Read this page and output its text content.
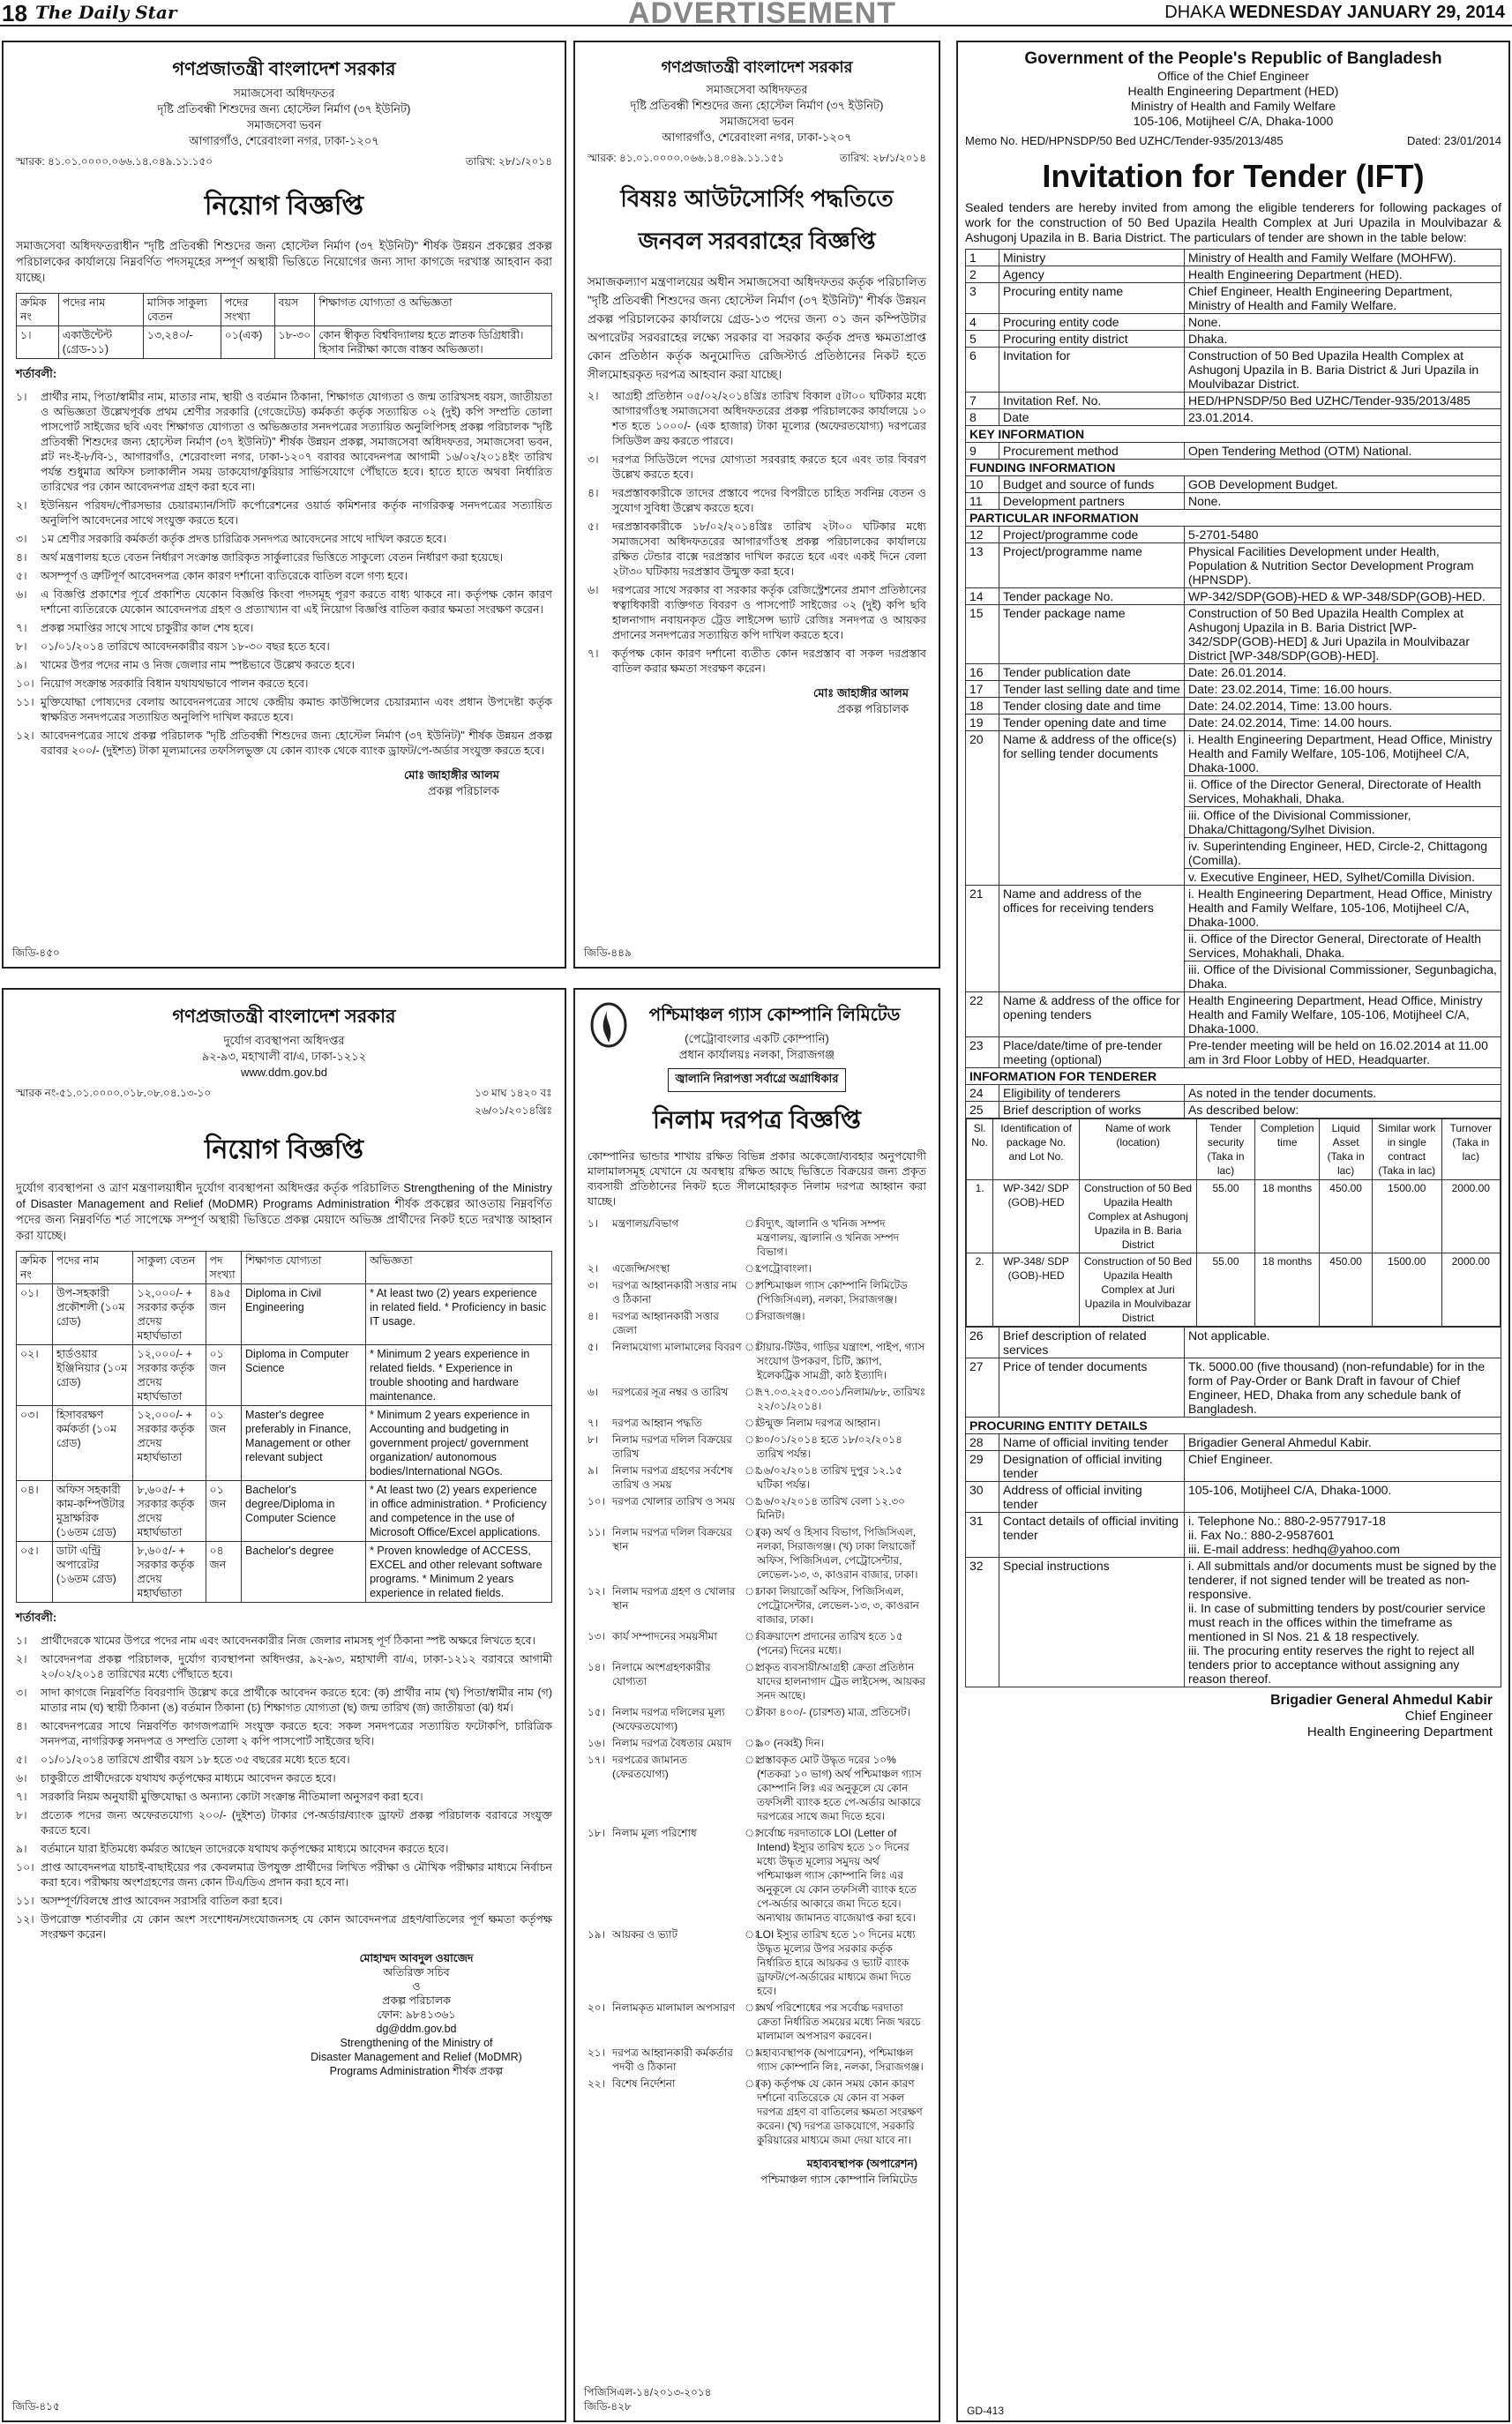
18 The Daily Star	ADVERTISEMENT	DHAKA WEDNESDAY JANUARY 29, 2014
গণপ্রজাতন্ত্রী বাংলাদেশ সরকার
সমাজসেবা অধিদফতর
দৃষ্টি প্রতিবন্ধী শিশুদের জন্য হোস্টেল নির্মাণ (৩৭ ইউনিট)
সমাজসেবা ভবন
আগারগাঁও, শেরেবাংলা নগর, ঢাকা-১২০৭
স্মারক: ৪১.০১.০০০০.০৬৬.১৪.০৪৯.১১.১৫০	তারিখ: ২৮/১/২০১৪
নিয়োগ বিজ্ঞপ্তি
সমাজসেবা অধিদফতরাধীন "দৃষ্টি প্রতিবন্ধী শিশুদের জন্য হোস্টেল নির্মাণ (৩৭ ইউনিট)" শীর্ষক উন্নয়ন প্রকল্পের প্রকল্প পরিচালকের কার্যালয়ে নিম্নবর্ণিত পদসমূহের সম্পূর্ণ অস্থায়ী ভিত্তিতে নিয়োগের জন্য সাদা কাগজে দরখাস্ত আহবান করা যাচ্ছে।
ক্রমিক নং	পদের নাম	মাসিক সাকুল্য বেতন	পদের সংখ্যা	বয়স	শিক্ষাগত যোগ্যতা ও অভিজ্ঞতা
১।	একাউন্টেন্ট (গ্রেড-১১)	১৩,২৪০/-	০১(এক)	১৮-৩০	কোন স্বীকৃত বিশ্ববিদ্যালয় হতে স্নাতক ডিগ্রিধারী। হিসাব নিরীক্ষা কাজে বাস্তব অভিজ্ঞতা।
শর্তাবলী:
১।	প্রার্থীর নাম, পিতা/স্বামীর নাম, মাতার নাম, স্থায়ী ও বর্তমান ঠিকানা, শিক্ষাগত যোগ্যতা ও জন্ম তারিখসহ বয়স, জাতীয়তা ও অভিজ্ঞতা উল্লেখপূর্বক প্রথম শ্রেণীর সরকারি (গেজেটেড) কর্মকর্তা কর্তৃক সত্যায়িত ০২ (দুই) কপি সম্প্রতি তোলা পাসপোর্ট সাইজের ছবি এবং শিক্ষাগত যোগ্যতা ও অভিজ্ঞতার সনদপত্রের সত্যায়িত অনুলিপিসহ প্রকল্প পরিচালক "দৃষ্টি প্রতিবন্ধী শিশুদের জন্য হোস্টেল নির্মাণ (৩৭ ইউনিট)" শীর্ষক উন্নয়ন প্রকল্প, সমাজসেবা অধিদফতর, সমাজসেবা ভবন, প্লট নং-ই-৮/বি-১, আগারগাঁও, শেরেবাংলা নগর, ঢাকা-১২০৭ বরাবর আবেদনপত্র আগামী ১৬/০২/২০১৪ইং তারিখ পর্যন্ত শুধুমাত্র অফিস চলাকালীন সময় ডাকযোগ/কুরিয়ার সার্ভিসযোগে পৌঁছাতে হবে। হাতে হাতে অথবা নির্ধারিত তারিখের পর কোন আবেদনপত্র গ্রহণ করা হবে না।
২।	ইউনিয়ন পরিষদ/পৌরসভার চেয়ারম্যান/সিটি কর্পোরেশনের ওয়ার্ড কমিশনার কর্তৃক নাগরিকত্ব সনদপত্রের সত্যায়িত অনুলিপি আবেদনের সাথে সংযুক্ত করতে হবে।
৩।	১ম শ্রেণীর সরকারি কর্মকর্তা কর্তৃক প্রদত্ত চারিত্রিক সনদপত্র আবেদনের সাথে দাখিল করতে হবে।
৪।	অর্থ মন্ত্রণালয় হতে বেতন নির্ধারণ সংক্রান্ত জারিকৃত সার্কুলারের ভিত্তিতে সাকুল্যে বেতন নির্ধারণ করা হয়েছে।
৫।	অসম্পূর্ণ ও ত্রুটিপূর্ণ আবেদনপত্র কোন কারণ দর্শানো ব্যতিরেকে বাতিল বলে গণ্য হবে।
৬।	এ বিজ্ঞপ্তি প্রকাশের পূর্বে প্রকাশিত যেকোন বিজ্ঞপ্তি কিংবা পদসমূহ পূরণ করতে বাধ্য থাকবে না। কর্তৃপক্ষ কোন কারণ দর্শানো ব্যতিরেকে যেকোন আবেদনপত্র গ্রহণ ও প্রত্যাখ্যান বা এই নিয়োগ বিজ্ঞপ্তি বাতিল করার ক্ষমতা সংরক্ষণ করেন।
৭।	প্রকল্প সমাপ্তির সাথে সাথে চাকুরীর কাল শেষ হবে।
৮।	০১/০১/২০১৪ তারিখে আবেদনকারীর বয়স ১৮-৩০ বছর হতে হবে।
৯।	খামের উপর পদের নাম ও নিজ জেলার নাম স্পষ্টভাবে উল্লেখ করতে হবে।
১০। নিয়োগ সংক্রান্ত সরকারি বিধান যথাযথভাবে পালন করতে হবে।
১১। মুক্তিযোদ্ধা পোষ্যদের বেলায় আবেদনপত্রের সাথে কেন্দ্রীয় কমান্ড কাউন্সিলের চেয়ারম্যান এবং প্রধান উপদেষ্টা কর্তৃক স্বাক্ষরিত সনদপত্রের সত্যায়িত অনুলিপি দাখিল করতে হবে।
১২। আবেদনপত্রের সাথে প্রকল্প পরিচালক "দৃষ্টি প্রতিবন্ধী শিশুদের জন্য হোস্টেল নির্মাণ (৩৭ ইউনিট)" শীর্ষক উন্নয়ন প্রকল্প বরাবর ২০০/- (দুইশত) টাকা মূল্যমানের তফসিলভুক্ত যে কোন ব্যাংক থেকে ব্যাংক ড্রাফট/পে-অর্ডার সংযুক্ত করতে হবে।
মোঃ জাহাঙ্গীর আলম
প্রকল্প পরিচালক
জিডি-৪৫০
গণপ্রজাতন্ত্রী বাংলাদেশ সরকার
সমাজসেবা অধিদফতর
দৃষ্টি প্রতিবন্ধী শিশুদের জন্য হোস্টেল নির্মাণ (৩৭ ইউনিট)
সমাজসেবা ভবন
আগারগাঁও, শেরেবাংলা নগর, ঢাকা-১২০৭
স্মারক: ৪১.০১.০০০০.০৬৬.১৪.০৪৯.১১.১৫১	তারিখ: ২৮/১/২০১৪
বিষয়ঃ আউটসোর্সিং পদ্ধতিতে
জনবল সরবরাহের বিজ্ঞপ্তি
সমাজকল্যাণ মন্ত্রণালয়ের অধীন সমাজসেবা অধিদফতর কর্তৃক পরিচালিত "দৃষ্টি প্রতিবন্ধী শিশুদের জন্য হোস্টেল নির্মাণ (৩৭ ইউনিট)" শীর্ষক উন্নয়ন প্রকল্প পরিচালকের কার্যালয়ে গ্রেড-১৩ পদের জন্য ০১ জন কম্পিউটার অপারেটর সরবরাহের লক্ষ্যে সরকার বা সরকার কর্তৃক প্রদত্ত ক্ষমতাপ্রাপ্ত কোন প্রতিষ্ঠান কর্তৃক অনুমোদিত রেজিস্টার্ড প্রতিষ্ঠানের নিকট হতে সীলমোহরকৃত দরপত্র আহবান করা যাচ্ছে।
২।	আগ্রহী প্রতিষ্ঠান ০৫/০২/২০১৪খ্রিঃ তারিখ বিকাল ৫টা০০ ঘটিকার মধ্যে আগারগাঁওস্থ সমাজসেবা অধিদফতরের প্রকল্প পরিচালকের কার্যালয়ে ১০ শত হতে ১০০০/- (এক হাজার) টাকা মূল্যের (অফেরতযোগ্য) দরপত্রের সিডিউল ক্রয় করতে পারবে।
৩।	দরপত্র সিডিউলে পদের যোগ্যতা সরবরাহ করতে হবে এবং তার বিবরণ উল্লেখ করতে হবে।
৪।	দরপ্রস্তাবকারীকে তাদের প্রস্তাবে পদের বিপরীতে চাহিত সর্বনিম্ন বেতন ও সুযোগ সুবিধা উল্লেখ করতে হবে।
৫।	দরপ্রস্তাবকারীকে ১৮/০২/২০১৪খ্রিঃ তারিখ ২টা০০ ঘটিকার মধ্যে সমাজসেবা অধিদফতরের আগারগাঁওস্থ প্রকল্প পরিচালকের কার্যালয়ে রক্ষিত টেন্ডার বাক্সে দরপ্রস্তাব দাখিল করতে হবে এবং একই দিনে বেলা ২টা৩০ ঘটিকায় দরপ্রস্তাব উন্মুক্ত করা হবে।
৬।	দরপত্রের সাথে সরকার বা সরকার কর্তৃক রেজিস্ট্রেশনের প্রমাণ প্রতিষ্ঠানের স্বত্বাধিকারী ব্যক্তিগত বিবরণ ও পাসপোর্ট সাইজের ০২ (দুই) কপি ছবি হালনাগাদ নবায়নকৃত ট্রেড লাইসেন্স ভ্যাট রেজিঃ সনদপত্র ও আয়কর প্রদানের সনদপত্রের সত্যায়িত কপি দাখিল করতে হবে।
৭।	কর্তৃপক্ষ কোন কারণ দর্শানো ব্যতীত কোন দরপ্রস্তাব বা সকল দরপ্রস্তাব বাতিল করার ক্ষমতা সংরক্ষণ করেন।
মোঃ জাহাঙ্গীর আলম
প্রকল্প পরিচালক
জিডি-৪৪৯
Government of the People's Republic of Bangladesh
Office of the Chief Engineer
Health Engineering Department (HED)
Ministry of Health and Family Welfare
105-106, Motijheel C/A, Dhaka-1000
Memo No. HED/HPNSDP/50 Bed UZHC/Tender-935/2013/485	Dated: 23/01/2014
Invitation for Tender (IFT)
Sealed tenders are hereby invited from among the eligible tenderers for following packages of work for the construction of 50 Bed Upazila Health Complex at Juri Upazila in Moulvibazar & Ashugonj Upazila in B. Baria District. The particulars of tender are shown in the table below:
1	Ministry	Ministry of Health and Family Welfare (MOHFW).
2	Agency	Health Engineering Department (HED).
3	Procuring entity name	Chief Engineer, Health Engineering Department, Ministry of Health and Family Welfare.
4	Procuring entity code	None.
5	Procuring entity district	Dhaka.
6	Invitation for	Construction of 50 Bed Upazila Health Complex at Ashugonj Upazila in B. Baria District & Juri Upazila in Moulvibazar District.
7	Invitation Ref. No.	HED/HPNSDP/50 Bed UZHC/Tender-935/2013/485
8	Date	23.01.2014.
KEY INFORMATION
9	Procurement method	Open Tendering Method (OTM) National.
FUNDING INFORMATION
10	Budget and source of funds	GOB Development Budget.
11	Development partners	None.
PARTICULAR INFORMATION
12	Project/programme code	5-2701-5480
13	Project/programme name	Physical Facilities Development under Health, Population & Nutrition Sector Development Program (HPNSDP).
14	Tender package No.	WP-342/SDP(GOB)-HED & WP-348/SDP(GOB)-HED.
15	Tender package name	Construction of 50 Bed Upazila Health Complex at Ashugonj Upazila in B. Baria District [WP-342/SDP(GOB)-HED] & Juri Upazila in Moulvibazar District [WP-348/SDP(GOB)-HED].
16	Tender publication date	Date: 26.01.2014.
17	Tender last selling date and time	Date: 23.02.2014, Time: 16.00 hours.
18	Tender closing date and time	Date: 24.02.2014, Time: 13.00 hours.
19	Tender opening date and time	Date: 24.02.2014, Time: 14.00 hours.
20	Name & address of the office(s) for selling tender documents	
i. Health Engineering Department, Head Office, Ministry Health and Family Welfare, 105-106, Motijheel C/A, Dhaka-1000.
ii. Office of the Director General, Directorate of Health Services, Mohakhali, Dhaka.
iii. Office of the Divisional Commissioner, Dhaka/Chittagong/Sylhet Division.
iv. Superintending Engineer, HED, Circle-2, Chittagong (Comilla).
v. Executive Engineer, HED, Sylhet/Comilla Division.

21	Name and address of the offices for receiving tenders	
i. Health Engineering Department, Head Office, Ministry Health and Family Welfare, 105-106, Motijheel C/A, Dhaka-1000.
ii. Office of the Director General, Directorate of Health Services, Mohakhali, Dhaka.
iii. Office of the Divisional Commissioner, Segunbagicha, Dhaka.

22	Name & address of the office for opening tenders	Health Engineering Department, Head Office, Ministry Health and Family Welfare, 105-106, Motijheel C/A, Dhaka-1000.
23	Place/date/time of pre-tender meeting (optional)	Pre-tender meeting will be held on 16.02.2014 at 11.00 am in 3rd Floor Lobby of HED, Headquarter.
INFORMATION FOR TENDERER
24	Eligibility of tenderers	As noted in the tender documents.
25	Brief description of works	As described below:

Sl. No.	Identification of package No. and Lot No.	Name of work (location)	Tender security (Taka in lac)	Completion time	Liquid Asset (Taka in lac)	Similar work in single contract (Taka in lac)	Turnover (Taka in lac)
1.	WP-342/ SDP (GOB)-HED	Construction of 50 Bed Upazila Health Complex at Ashugonj Upazila in B. Baria District	55.00	18 months	450.00	1500.00	2000.00
2.	WP-348/ SDP (GOB)-HED	Construction of 50 Bed Upazila Health Complex at Juri Upazila in Moulvibazar District	55.00	18 months	450.00	1500.00	2000.00

26	Brief description of related services	Not applicable.
27	Price of tender documents	Tk. 5000.00 (five thousand) (non-refundable) for in the form of Pay-Order or Bank Draft in favour of Chief Engineer, HED, Dhaka from any schedule bank of Bangladesh.
PROCURING ENTITY DETAILS
28	Name of official inviting tender	Brigadier General Ahmedul Kabir.
29	Designation of official inviting tender	Chief Engineer.
30	Address of official inviting tender	105-106, Motijheel C/A, Dhaka-1000.
31	Contact details of official inviting tender	
i. Telephone No.: 880-2-9577917-18
ii. Fax No.: 880-2-9587601
iii. E-mail address: hedhq@yahoo.com

32	Special instructions	i. All submittals and/or documents must be signed by the tenderer, if not signed tender will be treated as non-responsive.
ii. In case of submitting tenders by post/courier service must reach in the offices within the timeframe as mentioned in Sl Nos. 21 & 18 respectively.
iii. The procuring entity reserves the right to reject all tenders prior to acceptance without assigning any reason thereof.
Brigadier General Ahmedul Kabir
Chief Engineer
Health Engineering Department
GD-413
গণপ্রজাতন্ত্রী বাংলাদেশ সরকার
দুর্যোগ ব্যবস্থাপনা অধিদপ্তর
৯২-৯৩, মহাখালী বা/এ, ঢাকা-১২১২
www.ddm.gov.bd
স্মারক নং-৫১.০১.০০০০.০১৮.০৮.০৪.১৩-১০	১৩ মাঘ ১৪২০ বঃ
২৬/০১/২০১৪খ্রিঃ
নিয়োগ বিজ্ঞপ্তি
দুর্যোগ ব্যবস্থাপনা ও ত্রাণ মন্ত্রণালয়াধীন দুর্যোগ ব্যবস্থাপনা অধিদপ্তর কর্তৃক পরিচালিত Strengthening of the Ministry of Disaster Management and Relief (MoDMR) Programs Administration শীর্ষক প্রকল্পের আওতায় নিম্নবর্ণিত পদের জন্য নিম্নবর্ণিত শর্ত সাপেক্ষে সম্পূর্ণ অস্থায়ী ভিত্তিতে প্রকল্প মেয়াদে অভিজ্ঞ প্রার্থীদের নিকট হতে দরখাস্ত আহ্বান করা যাচ্ছে।
ক্রমিক নং	পদের নাম	সাকুল্য বেতন	পদ সংখ্যা	শিক্ষাগত যোগ্যতা	অভিজ্ঞতা
০১।	উপ-সহকারী প্রকৌশলী (১০ম গ্রেড)	১২,০০০/- + সরকার কর্তৃক প্রদেয় মহার্ঘভাতা	৪৯৫ জন	Diploma in Civil Engineering	* At least two (2) years experience in related field. * Proficiency in basic IT usage.
০২।	হার্ডওয়ার ইঞ্জিনিয়ার (১০ম গ্রেড)	১২,০০০/- + সরকার কর্তৃক প্রদেয় মহার্ঘভাতা	০১ জন	Diploma in Computer Science	* Minimum 2 years experience in related fields. * Experience in trouble shooting and hardware maintenance.
০৩।	হিসাবরক্ষণ কর্মকর্তা (১০ম গ্রেড)	১২,০০০/- + সরকার কর্তৃক প্রদেয় মহার্ঘভাতা	০১ জন	Master's degree preferably in Finance, Management or other relevant subject	* Minimum 2 years experience in Accounting and budgeting in government project/ government organization/ autonomous bodies/International NGOs.
০৪।	অফিস সহকারী কাম-কম্পিউটার মুদ্রাক্ষরিক (১৬তম গ্রেড)	৮,৬০৫/- + সরকার কর্তৃক প্রদেয় মহার্ঘভাতা	০১ জন	Bachelor's degree/Diploma in Computer Science	* At least two (2) years experience in office administration. * Proficiency and competence in the use of Microsoft Office/Excel applications.
০৫।	ডাটা এন্ট্রি অপারেটর (১৬তম গ্রেড)	৮,৬০৫/- + সরকার কর্তৃক প্রদেয় মহার্ঘভাতা	০৪ জন	Bachelor's degree	* Proven knowledge of ACCESS, EXCEL and other relevant software programs. * Minimum 2 years experience in related fields.
শর্তাবলী:
১।	প্রার্থীদেরকে খামের উপরে পদের নাম এবং আবেদনকারীর নিজ জেলার নামসহ পূর্ণ ঠিকানা স্পষ্ট অক্ষরে লিখতে হবে।
২।	আবেদনপত্র প্রকল্প পরিচালক, দুর্যোগ ব্যবস্থাপনা অধিদপ্তর, ৯২-৯৩, মহাখালী বা/এ, ঢাকা-১২১২ বরাবরে আগামী ২০/০২/২০১৪ তারিখের মধ্যে পৌঁছাতে হবে।
৩।	সাদা কাগজে নিম্নবর্ণিত বিবরণাদি উল্লেখ করে প্রার্থীকে আবেদন করতে হবে: (ক) প্রার্থীর নাম (খ) পিতা/স্বামীর নাম (গ) মাতার নাম (ঘ) স্থায়ী ঠিকানা (ঙ) বর্তমান ঠিকানা (চ) শিক্ষাগত যোগ্যতা (ছ) জন্ম তারিখ (জ) জাতীয়তা (ঝ) ধর্ম।
৪।	আবেদনপত্রের সাথে নিম্নবর্ণিত কাগজপত্রাদি সংযুক্ত করতে হবে: সকল সনদপত্রের সত্যায়িত ফটোকপি, চারিত্রিক সনদপত্র, নাগরিকত্ব সনদপত্র ও সম্প্রতি তোলা ২ কপি পাসপোর্ট সাইজের ছবি।
৫।	০১/০১/২০১৪ তারিখে প্রার্থীর বয়স ১৮ হতে ৩৫ বছরের মধ্যে হতে হবে।
৬।	চাকুরীতে প্রার্থীদেরকে যথাযথ কর্তৃপক্ষের মাধ্যমে আবেদন করতে হবে।
৭।	সরকারি নিয়ম অনুযায়ী মুক্তিযোদ্ধা ও অন্যান্য কোটা সংক্রান্ত নীতিমালা অনুসরণ করা হবে।
৮।	প্রত্যেক পদের জন্য অফেরতযোগ্য ২০০/- (দুইশত) টাকার পে-অর্ডার/ব্যাংক ড্রাফট প্রকল্প পরিচালক বরাবরে সংযুক্ত করতে হবে।
৯।	বর্তমানে যারা ইতিমধ্যে কর্মরত আছেন তাদেরকে যথাযথ কর্তৃপক্ষের মাধ্যমে আবেদন করতে হবে।
১০। প্রাপ্ত আবেদনপত্র যাচাই-বাছাইয়ের পর কেবলমাত্র উপযুক্ত প্রার্থীদের লিখিত পরীক্ষা ও মৌখিক পরীক্ষার মাধ্যমে নির্বাচন করা হবে। পরীক্ষায় অংশগ্রহণের জন্য কোন টিএ/ডিএ প্রদান করা হবে না।
১১। অসম্পূর্ণ/বিলম্বে প্রাপ্ত আবেদন সরাসরি বাতিল করা হবে।
১২। উপরোক্ত শর্তাবলীর যে কোন অংশ সংশোধন/সংযোজনসহ যে কোন আবেদনপত্র গ্রহণ/বাতিলের পূর্ণ ক্ষমতা কর্তৃপক্ষ সংরক্ষণ করেন।
মোহাম্মদ আবদুল ওয়াজেদ
অতিরিক্ত সচিব
ও
প্রকল্প পরিচালক
ফোন: ৯৮৪১৩৬১
dg@ddm.gov.bd
Strengthening of the Ministry of
Disaster Management and Relief (MoDMR)
Programs Administration শীর্ষক প্রকল্প
জিডি-৪১৫
পশ্চিমাঞ্চল গ্যাস কোম্পানি লিমিটেড
(পেট্রোবাংলার একটি কোম্পানি)
প্রধান কার্যালয়ঃ নলকা, সিরাজগঞ্জ
জ্বালানি নিরাপত্তা সর্বাগ্রে অগ্রাধিকার
নিলাম দরপত্র বিজ্ঞপ্তি
কোম্পানির ভান্ডার শাখায় রক্ষিত বিভিন্ন প্রকার অকেজো/ব্যবহার অনুপযোগী মালামালসমূহ যেখানে যে অবস্থায় রক্ষিত আছে ভিত্তিতে বিক্রয়ের জন্য প্রকৃত ব্যবসায়ী প্রতিষ্ঠানের নিকট হতে সীলমোহরকৃত নিলাম দরপত্র আহ্বান করা যাচ্ছে।
১।	মন্ত্রণালয়/বিভাগ	ঃ
বিদ্যুৎ, জ্বালানি ও খনিজ সম্পদ মন্ত্রণালয়, জ্বালানি ও খনিজ সম্পদ বিভাগ।
২।	এজেন্সি/সংস্থা	ঃ
পেট্রোবাংলা।
৩।	দরপত্র আহ্বানকারী সত্তার নাম ও ঠিকানা
ঃ
পশ্চিমাঞ্চল গ্যাস কোম্পানি লিমিটেড (পিজিসিএল), নলকা, সিরাজগঞ্জ।
৪।	দরপত্র আহ্বানকারী সত্তার জেলা
ঃ
সিরাজগঞ্জ।
৫।	নিলামযোগ্য মালামালের বিবরণ ঃ
টায়ার-টিউব, গাড়ির যন্ত্রাংশ, পাইপ, গ্যাস সংযোগ উপকরণ, চিটি, স্ক্র্যাপ, ইলেকট্রিক সামগ্রী, কাঠ ইত্যাদি।
৬।	দরপত্রের সূত্র নম্বর ও তারিখ	ঃ
৭৭.০৩.২২৫০.৩০১/নিলাম/৮৮, তারিখঃ ২২/০১/২০১৪।
৭।	দরপত্র আহ্বান পদ্ধতি	ঃ
উন্মুক্ত নিলাম দরপত্র আহ্বান।
৮।	নিলাম দরপত্র দলিল বিক্রয়ের তারিখ
ঃ
৩০/০১/২০১৪ হতে ১৮/০২/২০১৪ তারিখ পর্যন্ত।
৯।	নিলাম দরপত্র গ্রহণের সর্বশেষ তারিখ ও সময়
ঃ
১৬/০২/২০১৪ তারিখ দুপুর ১২.১৫ ঘটিকা পর্যন্ত।
১০। দরপত্র খোলার তারিখ ও সময় ঃ
১৬/০২/২০১৪ তারিখ বেলা ১২.৩০ মিনিট।
১১। নিলাম দরপত্র দলিল বিক্রয়ের স্থান
ঃ
(ক) অর্থ ও হিসাব বিভাগ, পিজিসিএল, নলকা, সিরাজগঞ্জ। (খ) ঢাকা লিয়াজোঁ অফিস, পিজিসিএল, পেট্রোসেন্টার, লেভেল-১৩, ৩, কাওরান বাজার, ঢাকা।
১২। নিলাম দরপত্র গ্রহণ ও খোলার স্থান
ঃ
ঢাকা লিয়াজোঁ অফিস, পিজিসিএল, পেট্রোসেন্টার, লেভেল-১৩, ৩, কাওরান বাজার, ঢাকা।
১৩। কার্য সম্পাদনের সময়সীমা	ঃ
বিক্রয়াদেশ প্রদানের তারিখ হতে ১৫ (পনের) দিনের মধ্যে।
১৪। নিলামে অংশগ্রহণকারীর যোগ্যতা
ঃ
প্রকৃত ব্যবসায়ী/আগ্রহী ক্রেতা প্রতিষ্ঠান যাদের হালনাগাদ ট্রেড লাইসেন্স, আয়কর সনদ আছে।
১৫। নিলাম দরপত্র দলিলের মূল্য (অফেরতযোগ্য)
ঃ
টাকা ৪০০/- (চারশত) মাত্র, প্রতিসেট।
১৬। নিলাম দরপত্র বৈধতার মেয়াদ	ঃ
৯০ (নব্বই) দিন।
১৭। দরপত্রের জামানত (ফেরতযোগ্য)
ঃ
প্রস্তাবকৃত মোট উদ্ধৃত দরের ১০% (শতকরা ১০ ভাগ) অর্থ পশ্চিমাঞ্চল গ্যাস কোম্পানি লিঃ এর অনুকূলে যে কোন তফসিলী ব্যাংক হতে পে-অর্ডার আকারে দরপত্রের সাথে জমা দিতে হবে।
১৮। নিলাম মূল্য পরিশোধ	ঃ
সর্বোচ্চ দরদাতাকে LOI (Letter of Intend) ইস্যুর তারিখ হতে ১০ দিনের মধ্যে উদ্ধৃত মূল্যের সমুদয় অর্থ পশ্চিমাঞ্চল গ্যাস কোম্পানি লিঃ এর অনুকূলে যে কোন তফসিলী ব্যাংক হতে পে-অর্ডার আকারে জমা দিতে হবে। অন্যথায় জামানত বাজেয়াপ্ত করা হবে।
১৯। আয়কর ও ভ্যাট	ঃ
LOI ইস্যুর তারিখ হতে ১০ দিনের মধ্যে উদ্ধৃত মূল্যের উপর সরকার কর্তৃক নির্ধারিত হারে আয়কর ও ভ্যাট ব্যাংক ড্রাফট/পে-অর্ডারের মাধ্যমে জমা দিতে হবে।
২০। নিলামকৃত মালামাল অপসারণ ঃ
অর্থ পরিশোধের পর সর্বোচ্চ দরদাতা ক্রেতা নির্ধারিত সময়ের মধ্যে নিজ খরচে মালামাল অপসারণ করবেন।
২১। দরপত্র আহ্বানকারী কর্মকর্তার পদবী ও ঠিকানা
ঃ
মহাব্যবস্থাপক (অপারেশন), পশ্চিমাঞ্চল গ্যাস কোম্পানি লিঃ, নলকা, সিরাজগঞ্জ।
২২। বিশেষ নির্দেশনা	ঃ
(ক) কর্তৃপক্ষ যে কোন সময় কোন কারণ দর্শানো ব্যতিরেকে যে কোন বা সকল দরপত্র গ্রহণ বা বাতিলের ক্ষমতা সংরক্ষণ করেন। (খ) দরপত্র ডাকযোগে, সরকারি কুরিয়ারের মাধ্যমে জমা দেয়া যাবে না।
মহাব্যবস্থাপক (অপারেশন)
পশ্চিমাঞ্চল গ্যাস কোম্পানি লিমিটেড
পিজিসিএল-১৪/২০১৩-২০১৪
জিডি-৪২৮
